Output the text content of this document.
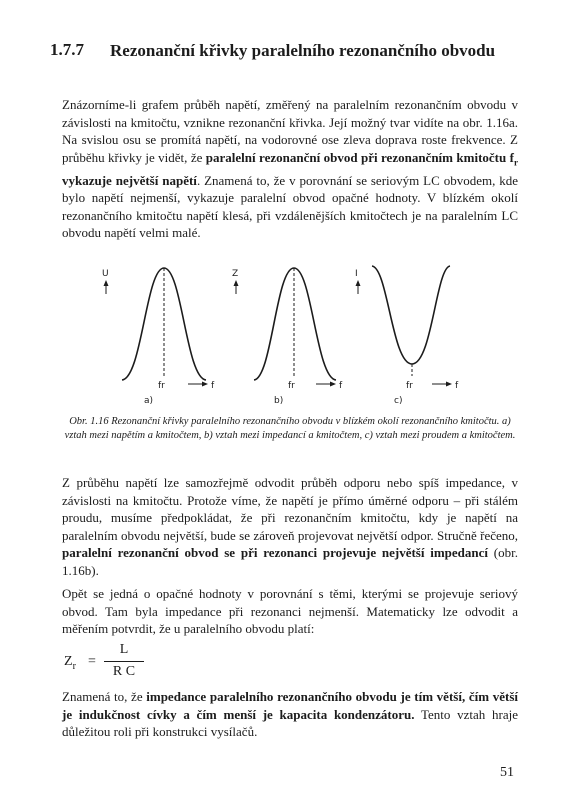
1.7.7 Rezonanční křivky paralelního rezonančního obvodu

Znázorníme-li grafem průběh napětí, změřený na paralelním rezonančním obvodu v závislosti na kmitočtu, vznikne rezonanční křivka. Její možný tvar vidíte na obr. 1.16a. Na svislou osu se promítá napětí, na vodorovné ose zleva doprava roste frekvence. Z průběhu křivky je vidět, že paralelní rezonanční obvod při rezonančním kmitočtu $f_r$ vykazuje největší napětí. Znamená to, že v porovnání se seriovým LC obvodem, kde bylo napětí nejmenší, vykazuje paralelní obvod opačné hodnoty. V blízkém okolí rezonančního kmitočtu napětí klesá, při vzdálenějších kmitočtech je na paralelním LC obvodu napětí velmi malé.

U	Z	I
fr	fr	fr
f	f	f
a)	b)	c)

Obr. 1.16 Rezonanční křivky paralelního rezonančního obvodu v blízkém okolí rezonančního kmitočtu. a) vztah mezi napětím a kmitočtem, b) vztah mezi impedancí a kmitočtem, c) vztah mezi proudem a kmitočtem.

Z průběhu napětí lze samozřejmě odvodit průběh odporu nebo spíš impedance, v závislosti na kmitočtu. Protože víme, že napětí je přímo úměrné odporu – při stálém proudu, musíme předpokládat, že při rezonančním kmitočtu, kdy je napětí na paralelním obvodu největší, bude se zároveň projevovat největší odpor. Stručně řečeno, paralelní rezonanční obvod se při rezonanci projevuje největší impedancí (obr. 1.16b).

Opět se jedná o opačné hodnoty v porovnání s těmi, kterými se projevuje seriový obvod. Tam byla impedance při rezonanci nejmenší. Matematicky lze odvodit a měřením potvrdit, že u paralelního obvodu platí:

$Z_r$ =
L
R C

Znamená to, že impedance paralelního rezonančního obvodu je tím větší, čím větší je indukčnost cívky a čím menší je kapacita kondenzátoru. Tento vztah hraje důležitou roli při konstrukci vysílačů.

51
